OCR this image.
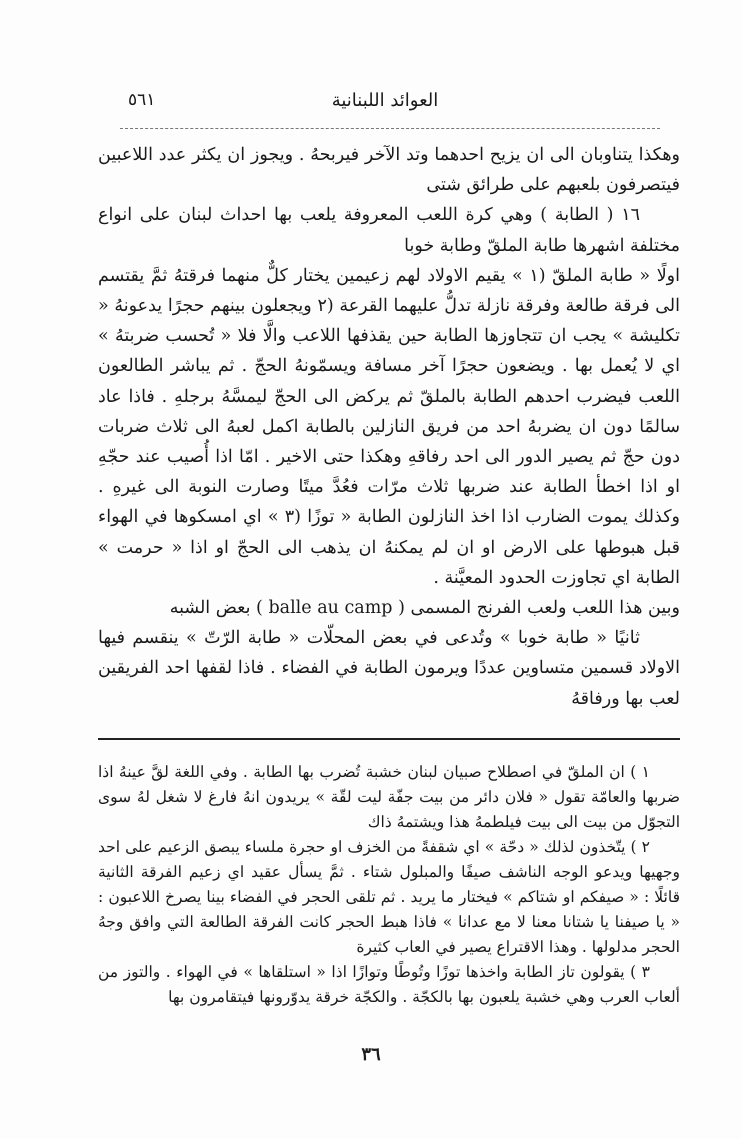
٥٦١	العوائد اللبنانية

وهكذا يتناوبان الى ان يزيح احدهما وتد الآخر فيربحهُ . ويجوز ان يكثر عدد اللاعبين فيتصرفون بلعبهم على طرائق شتى

١٦ ( الطابة ) وهي كرة اللعب المعروفة يلعب بها احداث لبنان على انواع مختلفة اشهرها طابة الملقّ وطابة خوبا

اولًا « طابة الملقّ (١ » يقيم الاولاد لهم زعيمين يختار كلٌّ منهما فرقتهُ ثمَّ يقتسم الى فرقة طالعة وفرقة نازلة تدلُّ عليهما القرعة (٢ ويجعلون بينهم حجرًا يدعونهُ « تكليشة » يجب ان تتجاوزها الطابة حين يقذفها اللاعب والَّا فلا « تُحسب ضربتهُ » اي لا يُعمل بها . ويضعون حجرًا آخر مسافة ويسمّونهُ الحجّ . ثم يباشر الطالعون اللعب فيضرب احدهم الطابة بالملقّ ثم يركض الى الحجّ ليمسَّهُ برجلهِ . فاذا عاد سالمًا دون ان يضربهُ احد من فريق النازلين بالطابة اكمل لعبهُ الى ثلاث ضربات دون حجّ ثم يصير الدور الى احد رفاقهِ وهكذا حتى الاخير . امّا اذا أُصيب عند حجّهِ او اذا اخطأ الطابة عند ضربها ثلاث مرّات فعُدَّ ميتًا وصارت النوبة الى غيرهِ . وكذلك يموت الضارب اذا اخذ النازلون الطابة « توزًا (٣ » اي امسكوها في الهواء قبل هبوطها على الارض او ان لم يمكنهُ ان يذهب الى الحجّ او اذا « حرمت » الطابة اي تجاوزت الحدود المعيَّنة .

وبين هذا اللعب ولعب الفرنج المسمى ( balle au camp ) بعض الشبه

ثانيًا « طابة خوبا » وتُدعى في بعض المحلّات « طابة الرّتّ » ينقسم فيها الاولاد قسمين متساوين عددًا ويرمون الطابة في الفضاء . فاذا لقفها احد الفريقين لعب بها ورفاقهُ

١ ) ان الملقّ في اصطلاح صبيان لبنان خشبة تُضرب بها الطابة . وفي اللغة لقَّ عينهُ اذا ضربها والعامّة تقول « فلان دائر من بيت جفّة ليت لقّة » يريدون انهُ فارغ لا شغل لهُ سوى التجوّل من بيت الى بيت فيلطمهُ هذا ويشتمهُ ذاك

٢ ) يتّخذون لذلك « دحّة » اي شقفةً من الخزف او حجرة ملساء يبصق الزعيم على احد وجهيها ويدعو الوجه الناشف صيفًا والمبلول شتاء . ثمَّ يسأل عقيد اي زعيم الفرقة الثانية قائلًا : « صيفكم او شتاكم » فيختار ما يريد . ثم تلقى الحجر في الفضاء بينا يصرخ اللاعبون : « يا صيفنا يا شتانا معنا لا مع عدانا » فاذا هبط الحجر كانت الفرقة الطالعة التي وافق وجهُ الحجر مدلولها . وهذا الاقتراع يصير في العاب كثيرة

٣ ) يقولون تاز الطابة واخذها توزًا وتُوطًا وتوازًا اذا « استلقاها » في الهواء . والتوز من ألعاب العرب وهي خشبة يلعبون بها بالكجّة . والكجّة خرقة يدوّرونها فيتقامرون بها

٣٦
